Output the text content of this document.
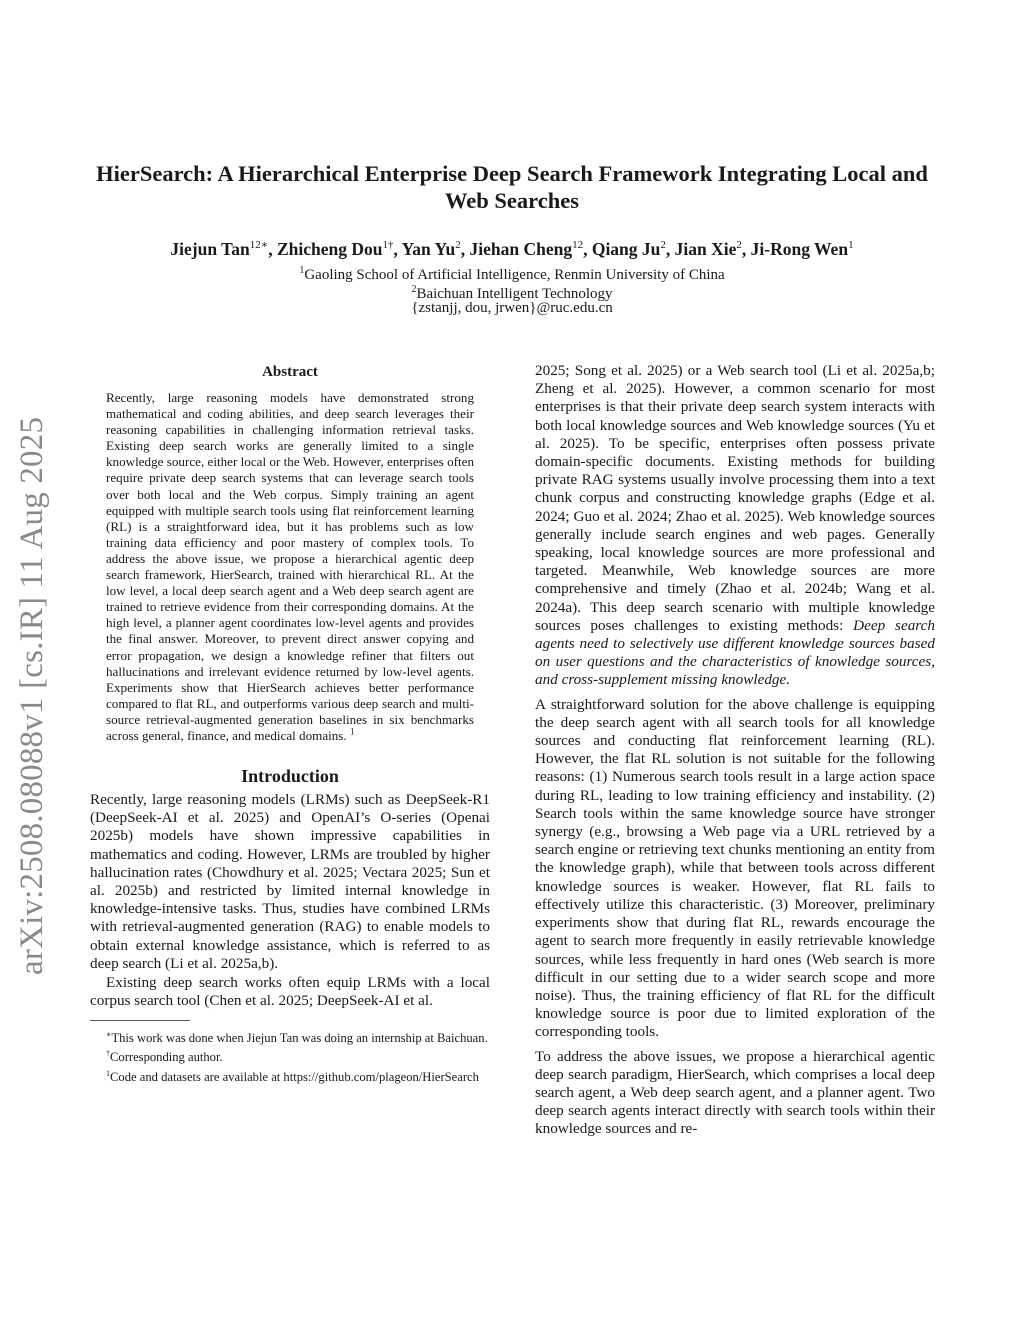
arXiv:2508.08088v1 [cs.IR] 11 Aug 2025
HierSearch: A Hierarchical Enterprise Deep Search Framework Integrating Local and Web Searches
Jiejun Tan$^{12∗}$, Zhicheng Dou$^{1\dagger}$, Yan Yu$^2$, Jiehan Cheng$^{12}$, Qiang Ju$^2$, Jian Xie$^2$, Ji-Rong Wen$^1$
$^1$Gaoling School of Artificial Intelligence, Renmin University of China
$^2$Baichuan Intelligent Technology
{zstanjj, dou, jrwen}@ruc.edu.cn
Abstract
Recently, large reasoning models have demonstrated strong mathematical and coding abilities, and deep search leverages their reasoning capabilities in challenging information retrieval tasks. Existing deep search works are generally limited to a single knowledge source, either local or the Web. However, enterprises often require private deep search systems that can leverage search tools over both local and the Web corpus. Simply training an agent equipped with multiple search tools using flat reinforcement learning (RL) is a straightforward idea, but it has problems such as low training data efficiency and poor mastery of complex tools. To address the above issue, we propose a hierarchical agentic deep search framework, HierSearch, trained with hierarchical RL. At the low level, a local deep search agent and a Web deep search agent are trained to retrieve evidence from their corresponding domains. At the high level, a planner agent coordinates low-level agents and provides the final answer. Moreover, to prevent direct answer copying and error propagation, we design a knowledge refiner that filters out hallucinations and irrelevant evidence returned by low-level agents. Experiments show that HierSearch achieves better performance compared to flat RL, and outperforms various deep search and multi-source retrieval-augmented generation baselines in six benchmarks across general, finance, and medical domains. $^1$
Introduction

Recently, large reasoning models (LRMs) such as DeepSeek-R1 (DeepSeek-AI et al. 2025) and OpenAI’s O-series (Openai 2025b) models have shown impressive capabilities in mathematics and coding. However, LRMs are troubled by higher hallucination rates (Chowdhury et al. 2025; Vectara 2025; Sun et al. 2025b) and restricted by limited internal knowledge in knowledge-intensive tasks. Thus, studies have combined LRMs with retrieval-augmented generation (RAG) to enable models to obtain external knowledge assistance, which is referred to as deep search (Li et al. 2025a,b).

Existing deep search works often equip LRMs with a local corpus search tool (Chen et al. 2025; DeepSeek-AI et al.

∗This work was done when Jiejun Tan was doing an internship at Baichuan.
†Corresponding author.
$^1$Code and datasets are available at https://github.com/plageon/HierSearch

2025; Song et al. 2025) or a Web search tool (Li et al. 2025a,b; Zheng et al. 2025). However, a common scenario for most enterprises is that their private deep search system interacts with both local knowledge sources and Web knowledge sources (Yu et al. 2025). To be specific, enterprises often possess private domain-specific documents. Existing methods for building private RAG systems usually involve processing them into a text chunk corpus and constructing knowledge graphs (Edge et al. 2024; Guo et al. 2024; Zhao et al. 2025). Web knowledge sources generally include search engines and web pages. Generally speaking, local knowledge sources are more professional and targeted. Meanwhile, Web knowledge sources are more comprehensive and timely (Zhao et al. 2024b; Wang et al. 2024a). This deep search scenario with multiple knowledge sources poses challenges to existing methods: Deep search agents need to selectively use different knowledge sources based on user questions and the characteristics of knowledge sources, and cross-supplement missing knowledge.

A straightforward solution for the above challenge is equipping the deep search agent with all search tools for all knowledge sources and conducting flat reinforcement learning (RL). However, the flat RL solution is not suitable for the following reasons: (1) Numerous search tools result in a large action space during RL, leading to low training efficiency and instability. (2) Search tools within the same knowledge source have stronger synergy (e.g., browsing a Web page via a URL retrieved by a search engine or retrieving text chunks mentioning an entity from the knowledge graph), while that between tools across different knowledge sources is weaker. However, flat RL fails to effectively utilize this characteristic. (3) Moreover, preliminary experiments show that during flat RL, rewards encourage the agent to search more frequently in easily retrievable knowledge sources, while less frequently in hard ones (Web search is more difficult in our setting due to a wider search scope and more noise). Thus, the training efficiency of flat RL for the difficult knowledge source is poor due to limited exploration of the corresponding tools.

To address the above issues, we propose a hierarchical agentic deep search paradigm, HierSearch, which comprises a local deep search agent, a Web deep search agent, and a planner agent. Two deep search agents interact directly with search tools within their knowledge sources and re-
